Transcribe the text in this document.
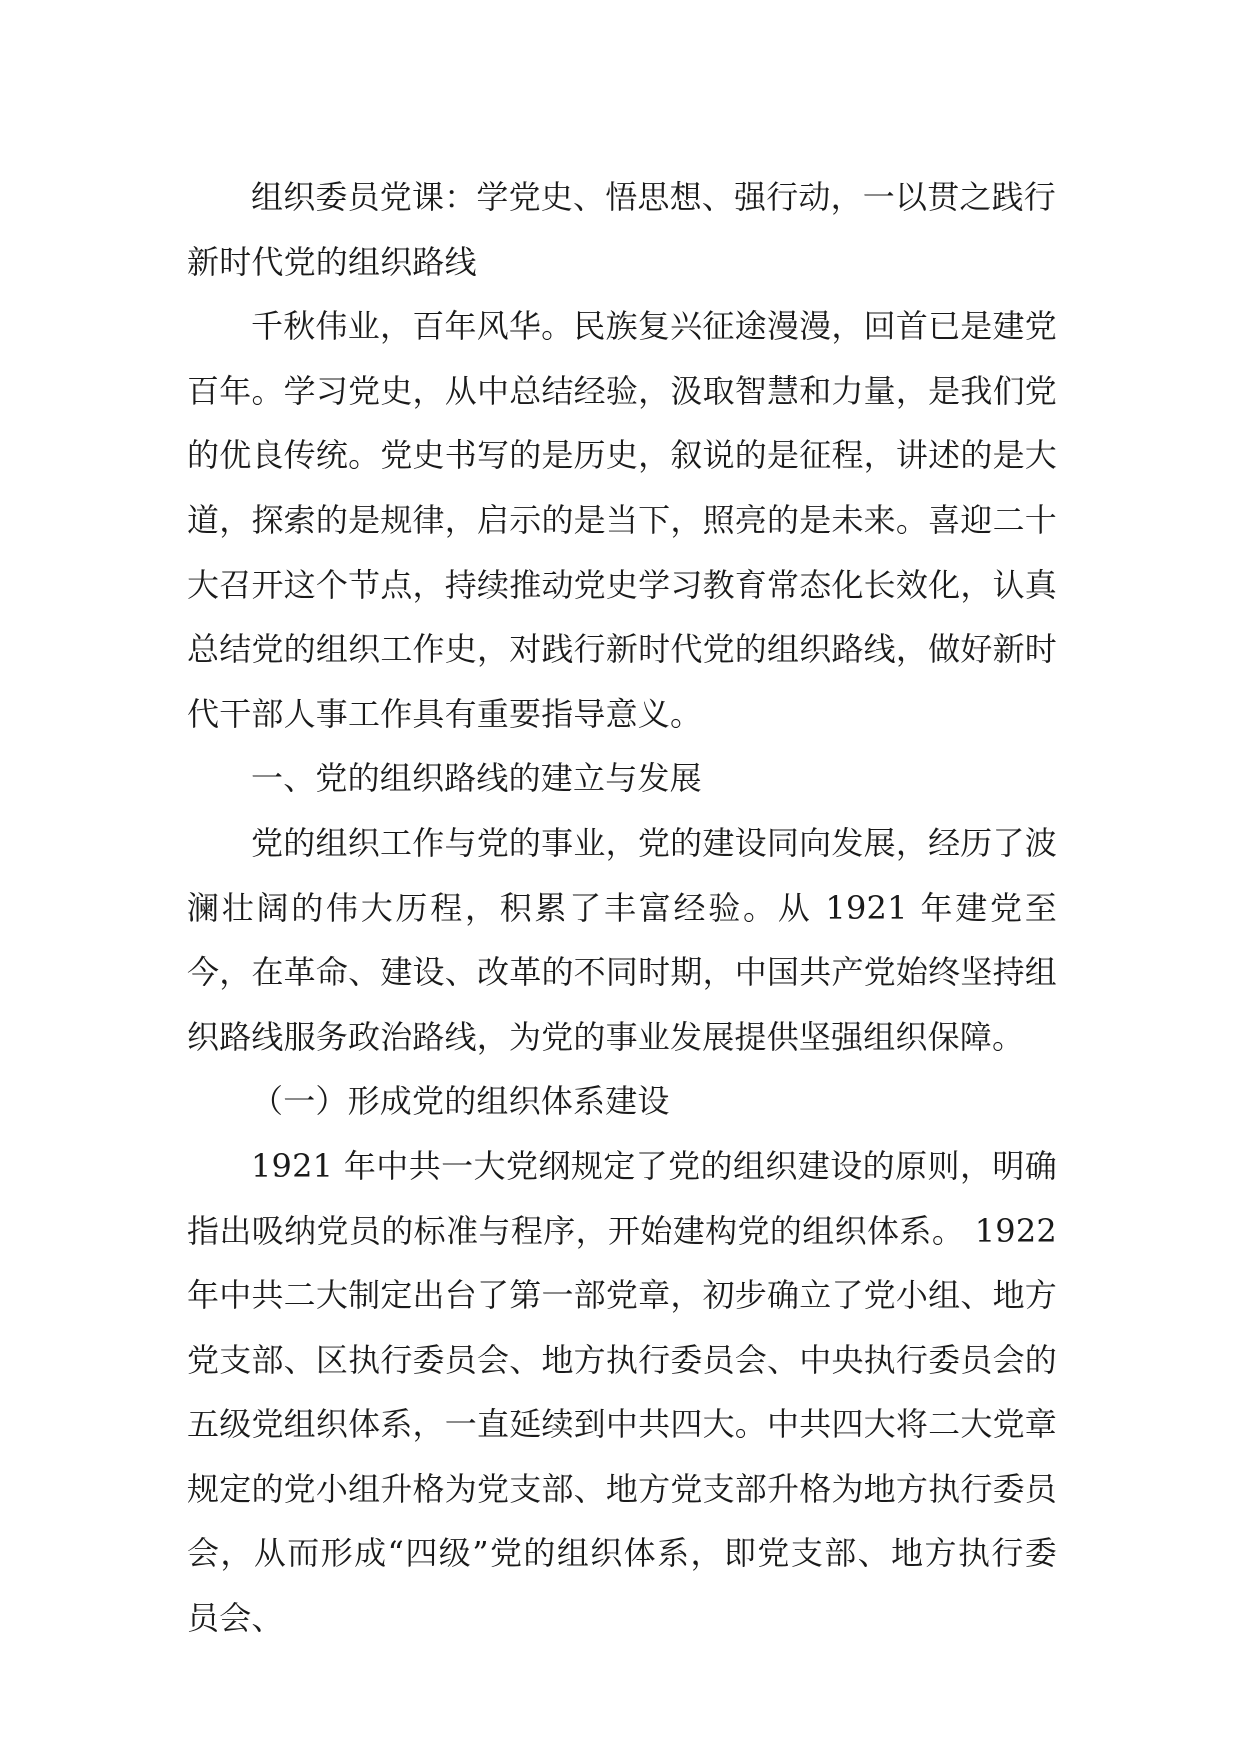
组织委员党课：学党史、悟思想、强行动，一以贯之践行新时代党的组织路线

千秋伟业，百年风华。民族复兴征途漫漫，回首已是建党百年。学习党史，从中总结经验，汲取智慧和力量，是我们党的优良传统。党史书写的是历史，叙说的是征程，讲述的是大道，探索的是规律，启示的是当下，照亮的是未来。喜迎二十大召开这个节点，持续推动党史学习教育常态化长效化，认真总结党的组织工作史，对践行新时代党的组织路线，做好新时代干部人事工作具有重要指导意义。

一、党的组织路线的建立与发展

党的组织工作与党的事业，党的建设同向发展，经历了波澜壮阔的伟大历程，积累了丰富经验。从 1921 年建党至今，在革命、建设、改革的不同时期，中国共产党始终坚持组织路线服务政治路线，为党的事业发展提供坚强组织保障。

（一）形成党的组织体系建设

1921 年中共一大党纲规定了党的组织建设的原则，明确指出吸纳党员的标准与程序，开始建构党的组织体系。 1922 年中共二大制定出台了第一部党章，初步确立了党小组、地方党支部、区执行委员会、地方执行委员会、中央执行委员会的五级党组织体系，一直延续到中共四大。中共四大将二大党章规定的党小组升格为党支部、地方党支部升格为地方执行委员会，从而形成“四级”党的组织体系，即党支部、地方执行委员会、
